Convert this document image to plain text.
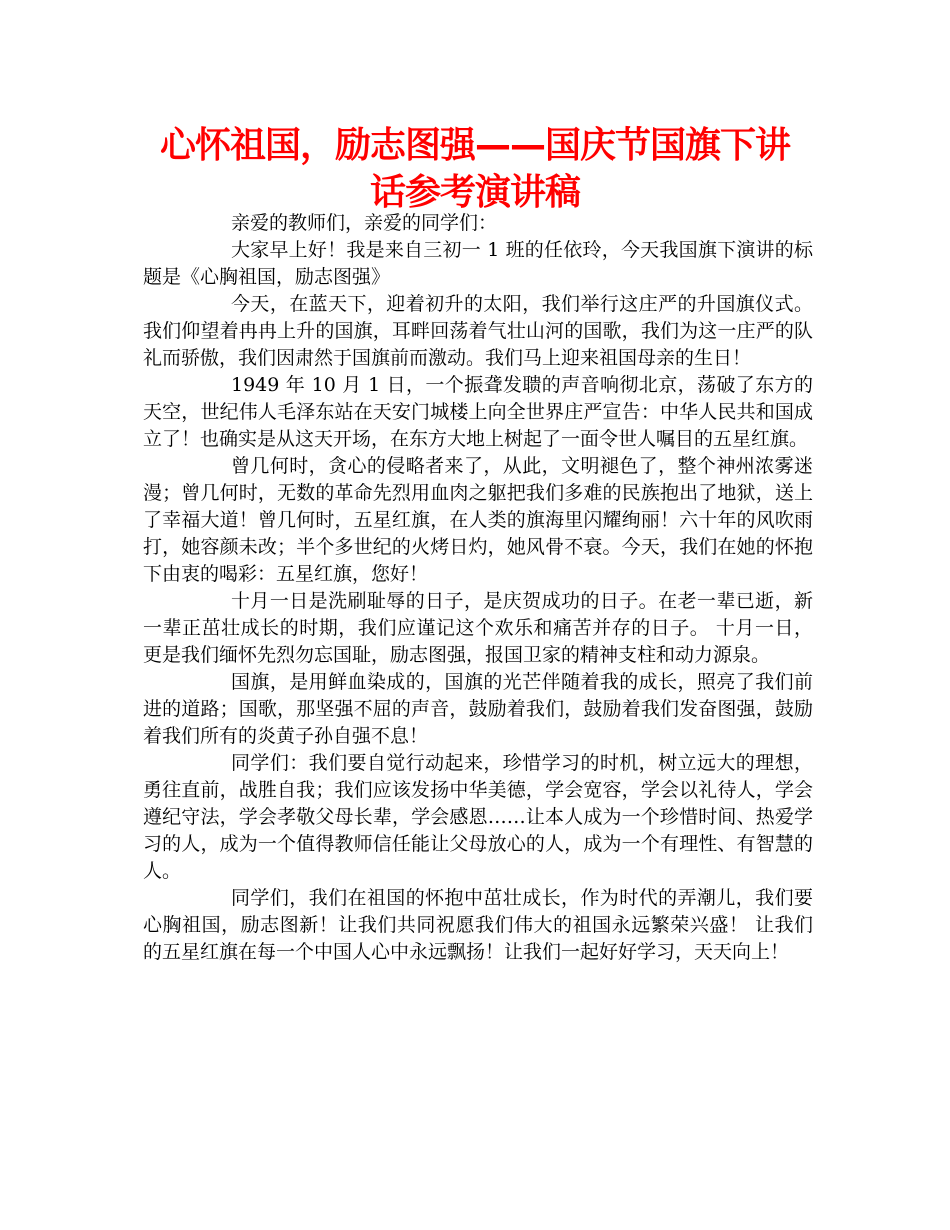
心怀祖国，励志图强——国庆节国旗下讲
话参考演讲稿

亲爱的教师们，亲爱的同学们：

大家早上好！我是来自三初一 1 班的任依玲，今天我国旗下演讲的标题是《心胸祖国，励志图强》

今天，在蓝天下，迎着初升的太阳，我们举行这庄严的升国旗仪式。我们仰望着冉冉上升的国旗，耳畔回荡着气壮山河的国歌，我们为这一庄严的队礼而骄傲，我们因肃然于国旗前而激动。我们马上迎来祖国母亲的生日！

1949 年 10 月 1 日，一个振聋发聩的声音响彻北京，荡破了东方的天空，世纪伟人毛泽东站在天安门城楼上向全世界庄严宣告：中华人民共和国成立了！也确实是从这天开场，在东方大地上树起了一面令世人嘱目的五星红旗。

曾几何时，贪心的侵略者来了，从此，文明褪色了，整个神州浓雾迷漫；曾几何时，无数的革命先烈用血肉之躯把我们多难的民族抱出了地狱，送上了幸福大道！曾几何时，五星红旗，在人类的旗海里闪耀绚丽！六十年的风吹雨打，她容颜未改；半个多世纪的火烤日灼，她风骨不衰。今天，我们在她的怀抱下由衷的喝彩：五星红旗，您好！

十月一日是洗刷耻辱的日子，是庆贺成功的日子。在老一辈已逝，新一辈正茁壮成长的时期，我们应谨记这个欢乐和痛苦并存的日子。 十月一日，更是我们缅怀先烈勿忘国耻，励志图强，报国卫家的精神支柱和动力源泉。

国旗，是用鲜血染成的，国旗的光芒伴随着我的成长，照亮了我们前进的道路；国歌，那坚强不屈的声音，鼓励着我们，鼓励着我们发奋图强，鼓励着我们所有的炎黄子孙自强不息！

同学们：我们要自觉行动起来，珍惜学习的时机，树立远大的理想，勇往直前，战胜自我；我们应该发扬中华美德，学会宽容，学会以礼待人，学会遵纪守法，学会孝敬父母长辈，学会感恩……让本人成为一个珍惜时间、热爱学习的人，成为一个值得教师信任能让父母放心的人，成为一个有理性、有智慧的人。

同学们，我们在祖国的怀抱中茁壮成长，作为时代的弄潮儿，我们要心胸祖国，励志图新！让我们共同祝愿我们伟大的祖国永远繁荣兴盛！ 让我们的五星红旗在每一个中国人心中永远飘扬！让我们一起好好学习，天天向上！
